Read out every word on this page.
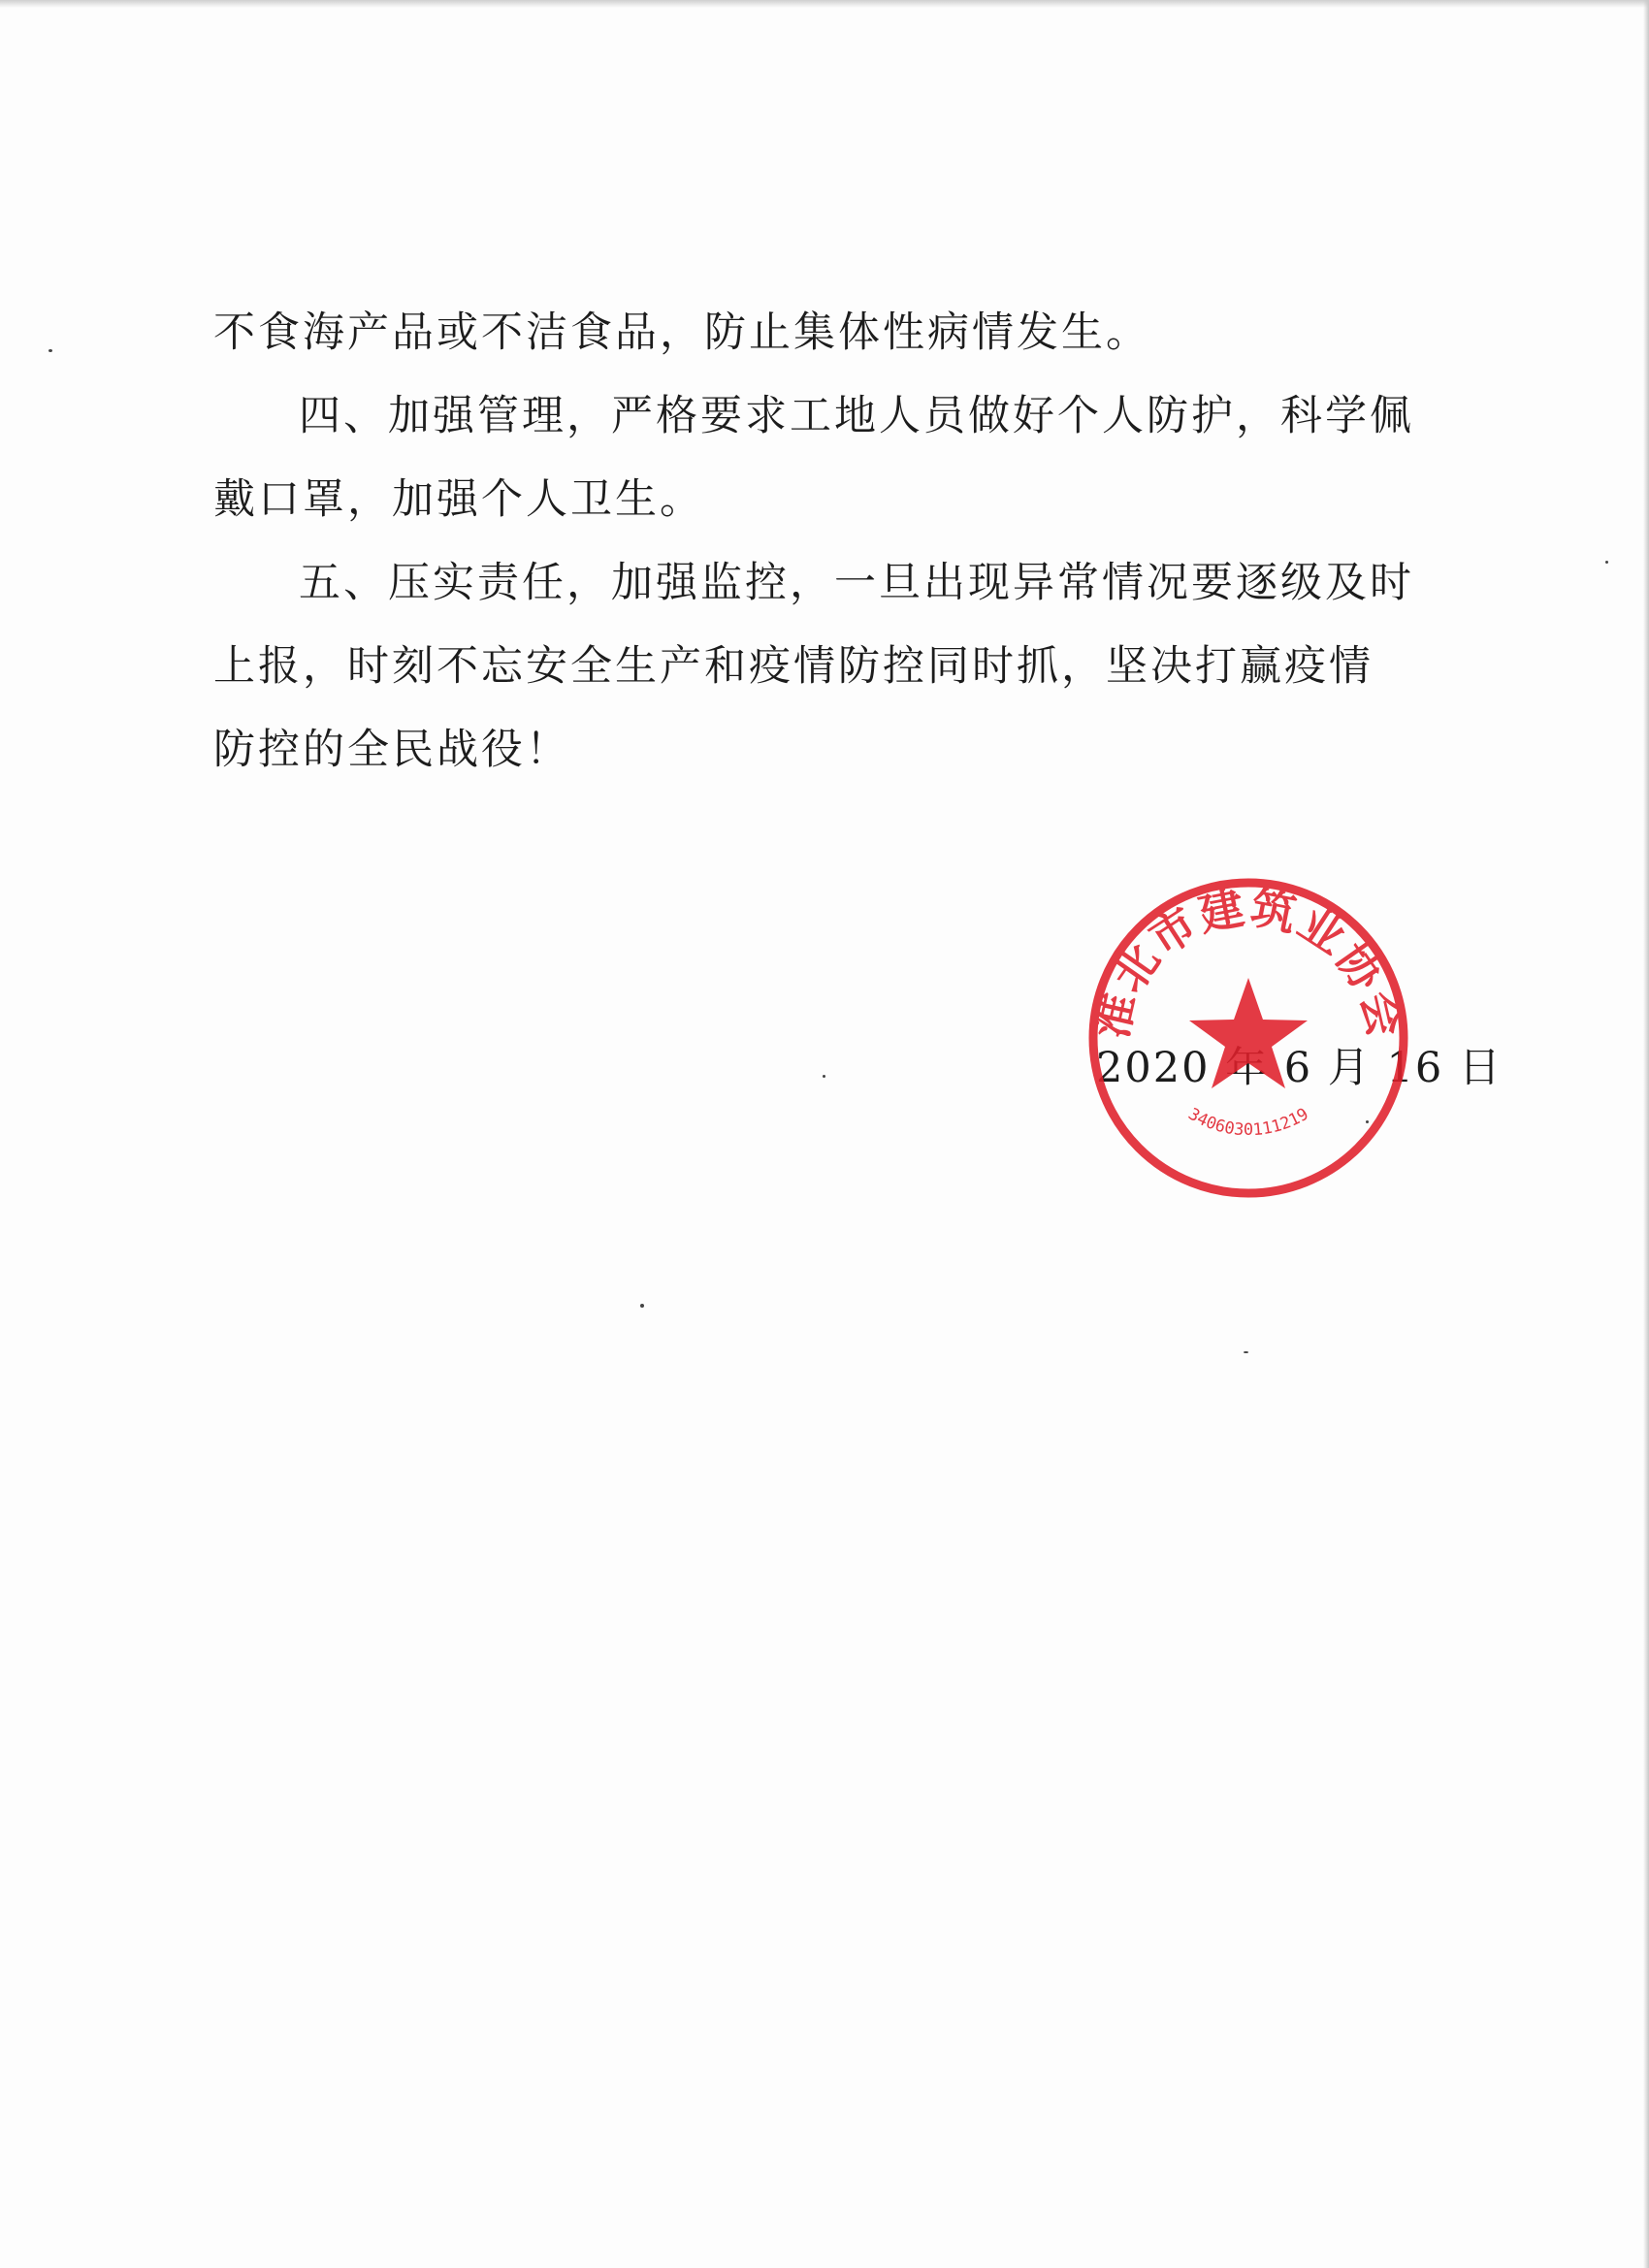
不食海产品或不洁食品，防止集体性病情发生。

四、加强管理，严格要求工地人员做好个人防护，科学佩戴口罩，加强个人卫生。

五、压实责任，加强监控，一旦出现异常情况要逐级及时上报，时刻不忘安全生产和疫情防控同时抓，坚决打赢疫情防控的全民战役！

2020 年 6 月 16 日
淮北市建筑业协会
3406030111219
